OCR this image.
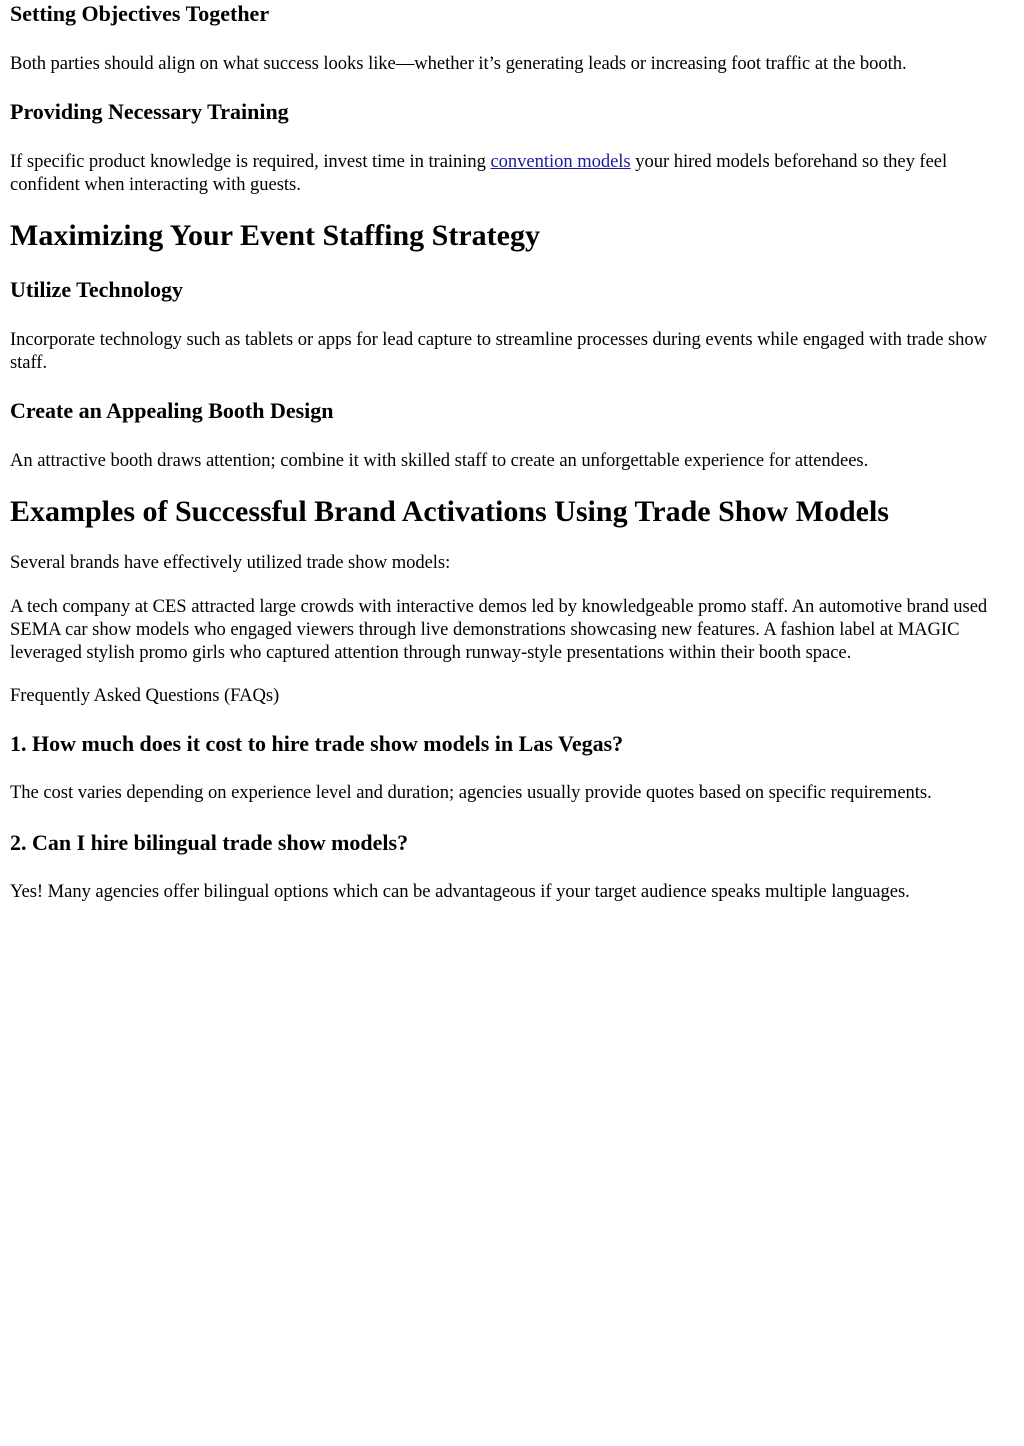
Setting Objectives Together

Both parties should align on what success looks like—whether it’s generating leads or increasing foot traffic at the booth.

Providing Necessary Training

If specific product knowledge is required, invest time in training convention models your hired models beforehand so they feel confident when interacting with guests.

Maximizing Your Event Staffing Strategy
Utilize Technology

Incorporate technology such as tablets or apps for lead capture to streamline processes during events while engaged with trade show staff.

Create an Appealing Booth Design

An attractive booth draws attention; combine it with skilled staff to create an unforgettable experience for attendees.

Examples of Successful Brand Activations Using Trade Show Models

Several brands have effectively utilized trade show models:

A tech company at CES attracted large crowds with interactive demos led by knowledgeable promo staff. An automotive brand used SEMA car show models who engaged viewers through live demonstrations showcasing new features. A fashion label at MAGIC leveraged stylish promo girls who captured attention through runway-style presentations within their booth space.

Frequently Asked Questions (FAQs)

1. How much does it cost to hire trade show models in Las Vegas?

The cost varies depending on experience level and duration; agencies usually provide quotes based on specific requirements.

2. Can I hire bilingual trade show models?

Yes! Many agencies offer bilingual options which can be advantageous if your target audience speaks multiple languages.
